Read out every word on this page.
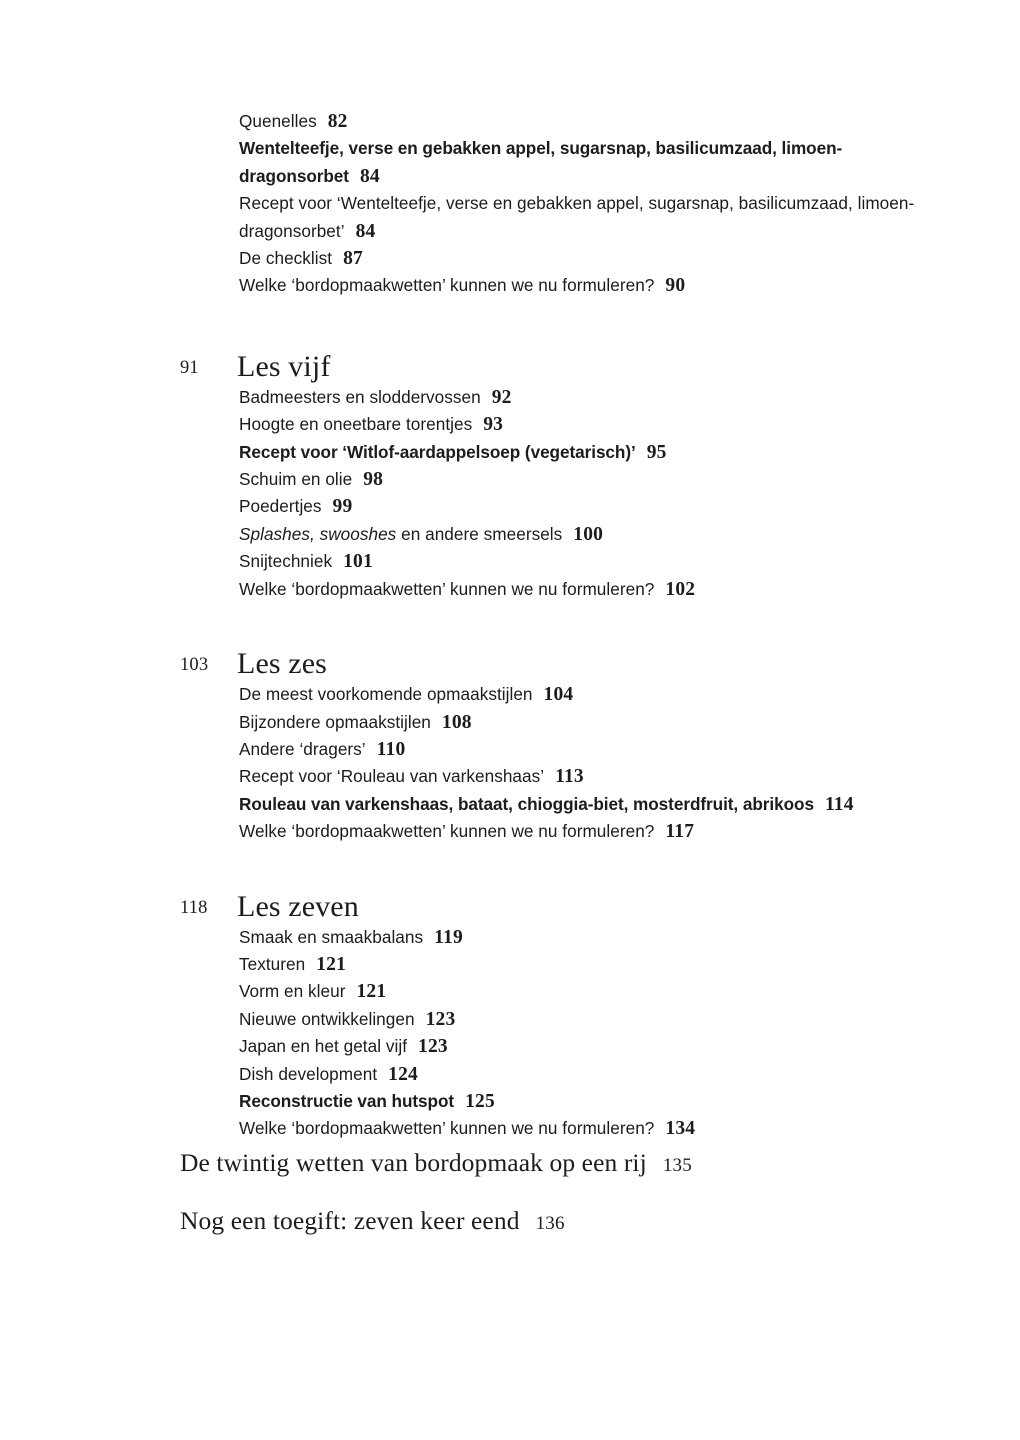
Quenelles 82
Wentelteefje, verse en gebakken appel, sugarsnap, basilicumzaad, limoen-dragonsorbet 84
Recept voor ‘Wentelteefje, verse en gebakken appel, sugarsnap, basilicumzaad, limoen-dragonsorbet’ 84
De checklist 87
Welke ‘bordopmaakwetten’ kunnen we nu formuleren? 90
91 Les vijf
Badmeesters en sloddervossen 92
Hoogte en oneetbare torentjes 93
Recept voor ‘Witlof-aardappelsoep (vegetarisch)’ 95
Schuim en olie 98
Poedertjes 99
Splashes, swooshes en andere smeersels 100
Snijtechniek 101
Welke ‘bordopmaakwetten’ kunnen we nu formuleren? 102
103 Les zes
De meest voorkomende opmaakstijlen 104
Bijzondere opmaakstijlen 108
Andere ‘dragers’ 110
Recept voor ‘Rouleau van varkenshaas’ 113
Rouleau van varkenshaas, bataat, chioggia-biet, mosterdfruit, abrikoos 114
Welke ‘bordopmaakwetten’ kunnen we nu formuleren? 117
118 Les zeven
Smaak en smaakbalans 119
Texturen 121
Vorm en kleur 121
Nieuwe ontwikkelingen 123
Japan en het getal vijf 123
Dish development 124
Reconstructie van hutspot 125
Welke ‘bordopmaakwetten’ kunnen we nu formuleren? 134
De twintig wetten van bordopmaak op een rij 135
Nog een toegift: zeven keer eend 136
